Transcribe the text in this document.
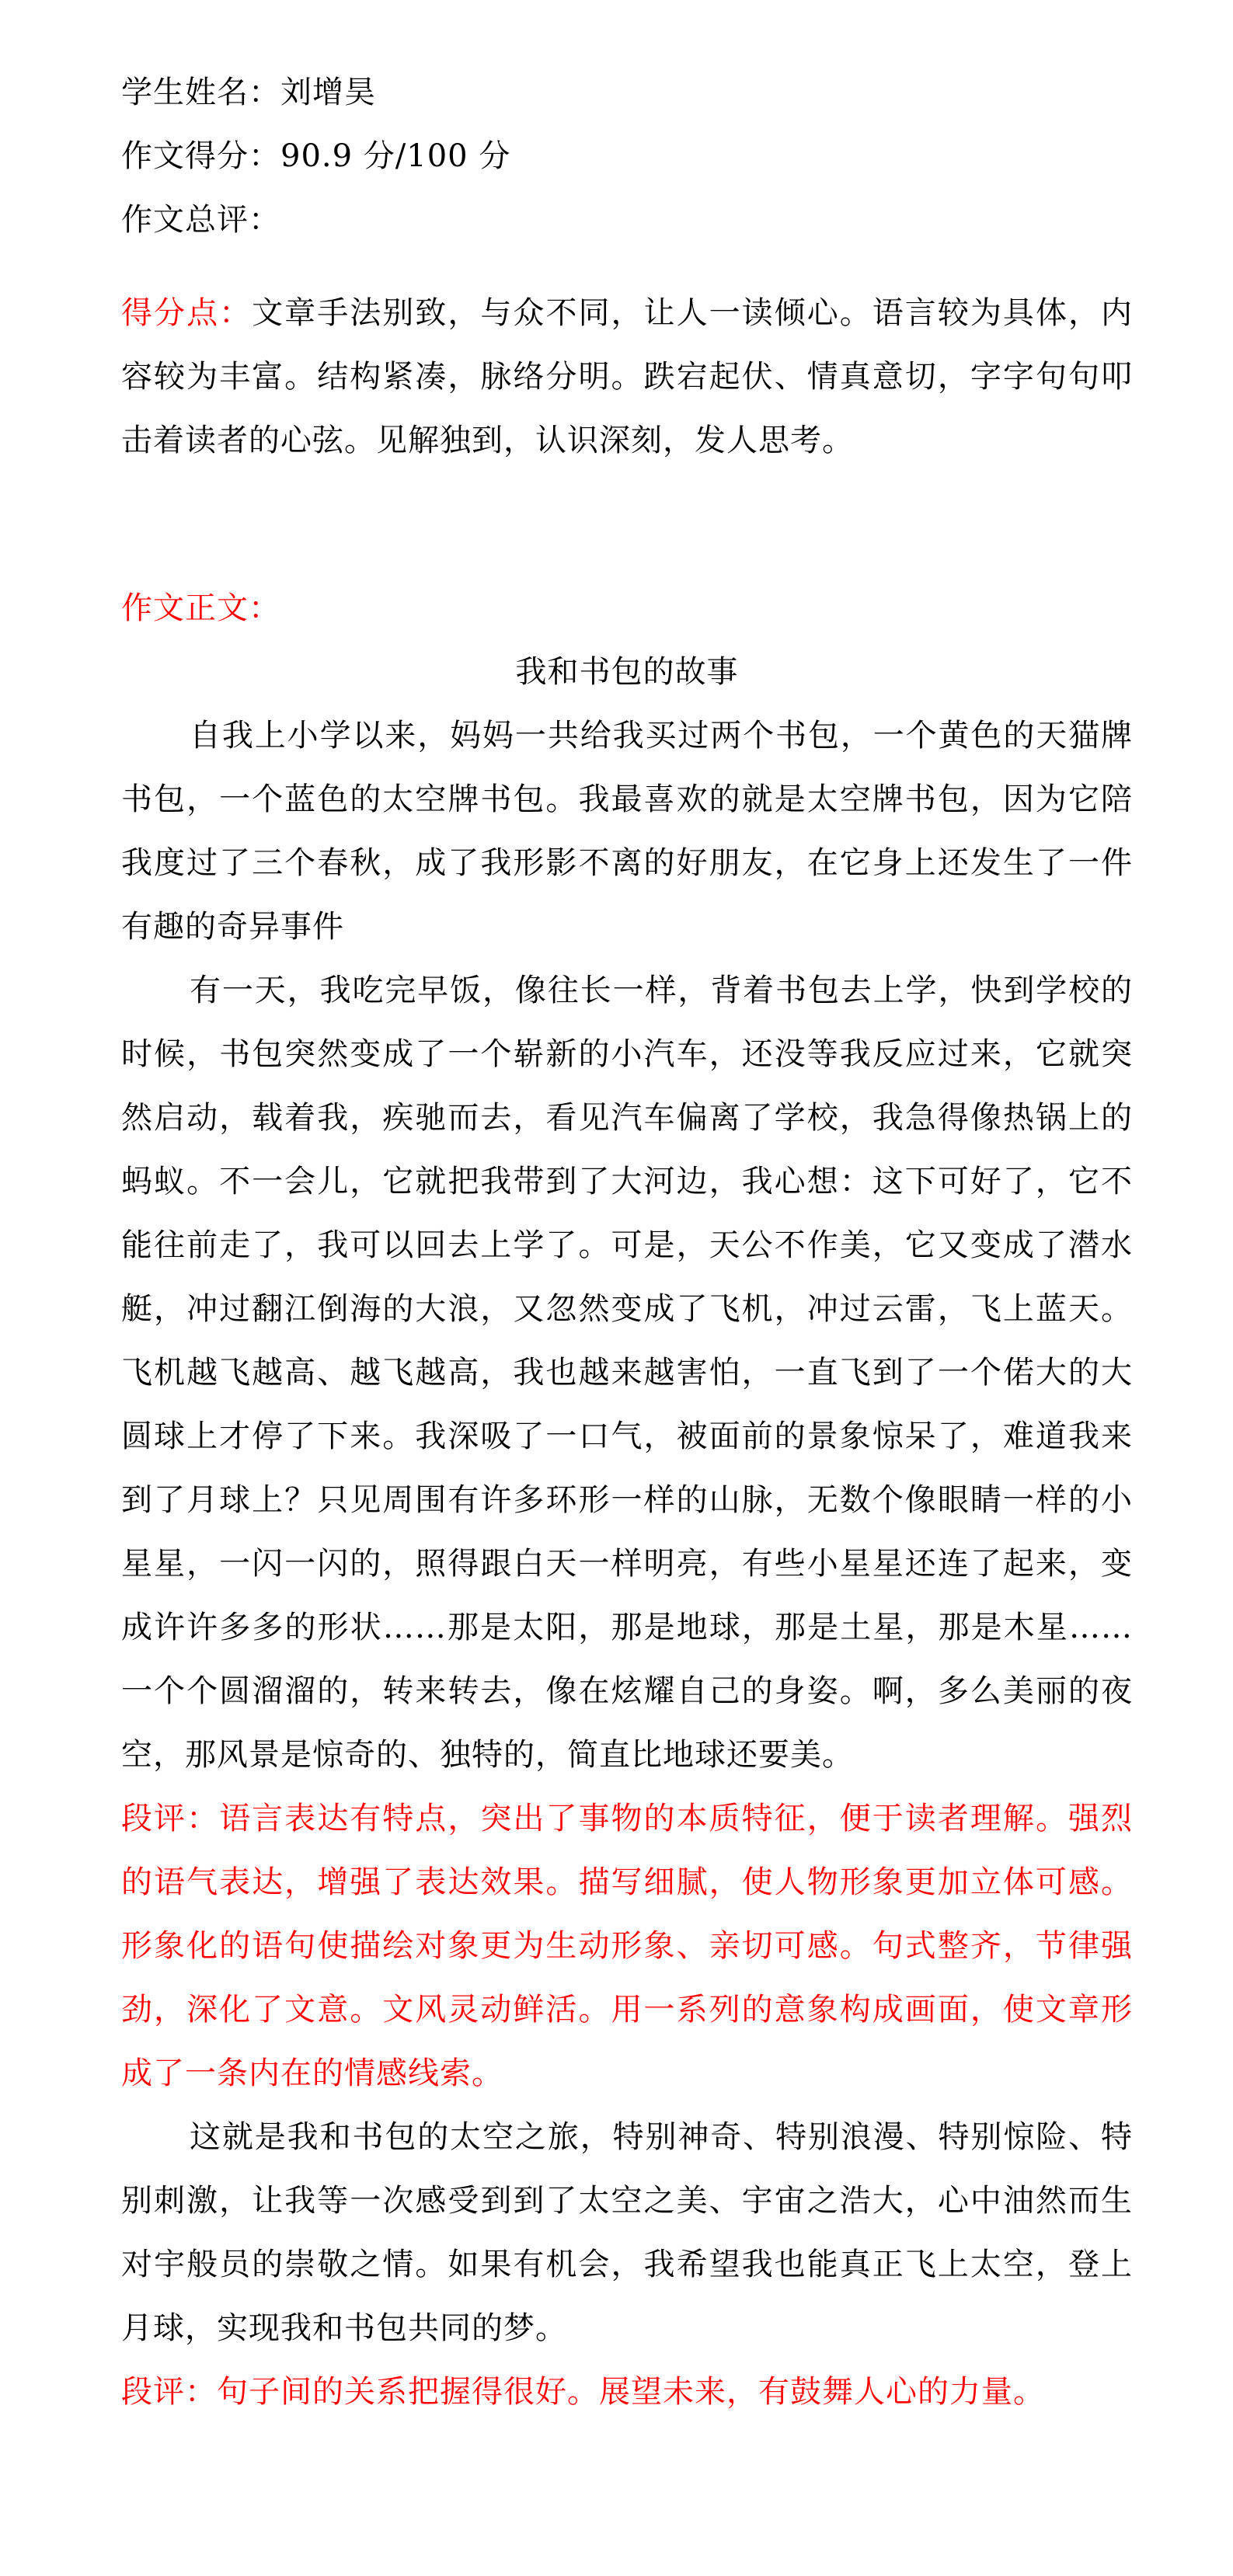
学生姓名：刘增昊
作文得分：90.9 分/100 分
作文总评：

得分点：文章手法别致，与众不同，让人一读倾心。语言较为具体，内容较为丰富。结构紧凑，脉络分明。跌宕起伏、情真意切，字字句句叩击着读者的心弦。见解独到，认识深刻，发人思考。

作文正文：

我和书包的故事

自我上小学以来，妈妈一共给我买过两个书包，一个黄色的天猫牌书包，一个蓝色的太空牌书包。我最喜欢的就是太空牌书包，因为它陪我度过了三个春秋，成了我形影不离的好朋友，在它身上还发生了一件有趣的奇异事件

有一天，我吃完早饭，像往长一样，背着书包去上学，快到学校的时候，书包突然变成了一个崭新的小汽车，还没等我反应过来，它就突然启动，载着我，疾驰而去，看见汽车偏离了学校，我急得像热锅上的蚂蚁。不一会儿，它就把我带到了大河边，我心想：这下可好了，它不能往前走了，我可以回去上学了。可是，天公不作美，它又变成了潜水艇，冲过翻江倒海的大浪，又忽然变成了飞机，冲过云雷，飞上蓝天。飞机越飞越高、越飞越高，我也越来越害怕，一直飞到了一个偌大的大圆球上才停了下来。我深吸了一口气，被面前的景象惊呆了，难道我来到了月球上？只见周围有许多环形一样的山脉，无数个像眼睛一样的小星星，一闪一闪的，照得跟白天一样明亮，有些小星星还连了起来，变成许许多多的形状……那是太阳，那是地球，那是土星，那是木星……一个个圆溜溜的，转来转去，像在炫耀自己的身姿。啊，多么美丽的夜空，那风景是惊奇的、独特的，简直比地球还要美。

段评：语言表达有特点，突出了事物的本质特征，便于读者理解。强烈的语气表达，增强了表达效果。描写细腻，使人物形象更加立体可感。形象化的语句使描绘对象更为生动形象、亲切可感。句式整齐，节律强劲，深化了文意。文风灵动鲜活。用一系列的意象构成画面，使文章形成了一条内在的情感线索。

这就是我和书包的太空之旅，特别神奇、特别浪漫、特别惊险、特别刺激，让我等一次感受到到了太空之美、宇宙之浩大，心中油然而生对宇般员的崇敬之情。如果有机会，我希望我也能真正飞上太空，登上月球，实现我和书包共同的梦。

段评：句子间的关系把握得很好。展望未来，有鼓舞人心的力量。
